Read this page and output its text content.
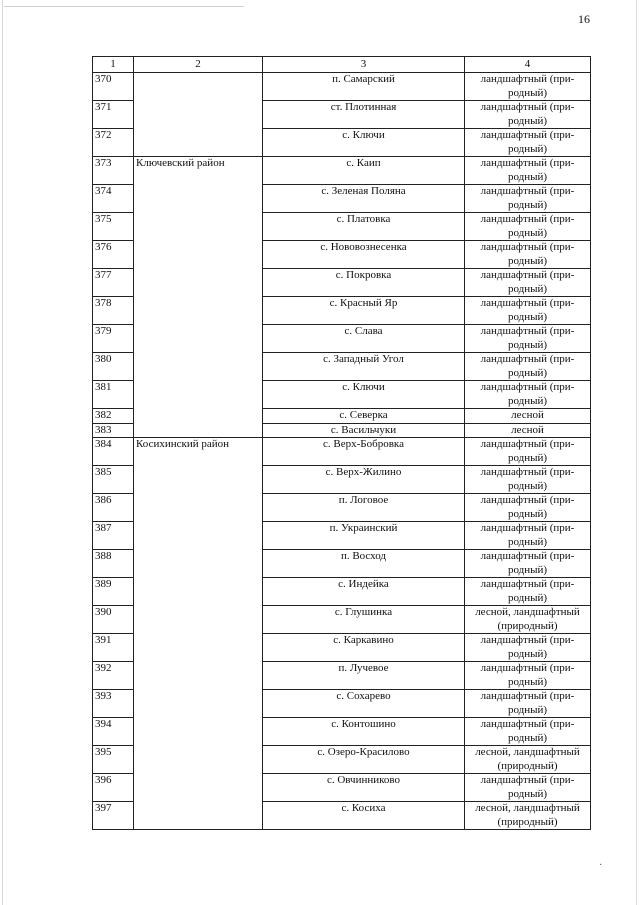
16
1	2	3	4
370		п. Самарский	ландшафтный (при-родный)
371		ст. Плотинная	ландшафтный (при-родный)
372		с. Ключи	ландшафтный (при-родный)
373	Ключевский район	с. Каип	ландшафтный (при-родный)
374		с. Зеленая Поляна	ландшафтный (при-родный)
375		с. Платовка	ландшафтный (при-родный)
376		с. Нововознесенка	ландшафтный (при-родный)
377		с. Покровка	ландшафтный (при-родный)
378		с. Красный Яр	ландшафтный (при-родный)
379		с. Слава	ландшафтный (при-родный)
380		с. Западный Угол	ландшафтный (при-родный)
381		с. Ключи	ландшафтный (при-родный)
382		с. Северка	лесной
383		с. Васильчуки	лесной
384	Косихинский район	с. Верх-Бобровка	ландшафтный (при-родный)
385		с. Верх-Жилино	ландшафтный (при-родный)
386		п. Логовое	ландшафтный (при-родный)
387		п. Украинский	ландшафтный (при-родный)
388		п. Восход	ландшафтный (при-родный)
389		с. Индейка	ландшафтный (при-родный)
390		с. Глушинка	лесной, ландшафтный (природный)
391		с. Каркавино	ландшафтный (при-родный)
392		п. Лучевое	ландшафтный (при-родный)
393		с. Сохарево	ландшафтный (при-родный)
394		с. Контошино	ландшафтный (при-родный)
395		с. Озеро-Красилово	лесной, ландшафтный (природный)
396		с. Овчинниково	ландшафтный (при-родный)
397		с. Косиха	лесной, ландшафтный (природный)
·
